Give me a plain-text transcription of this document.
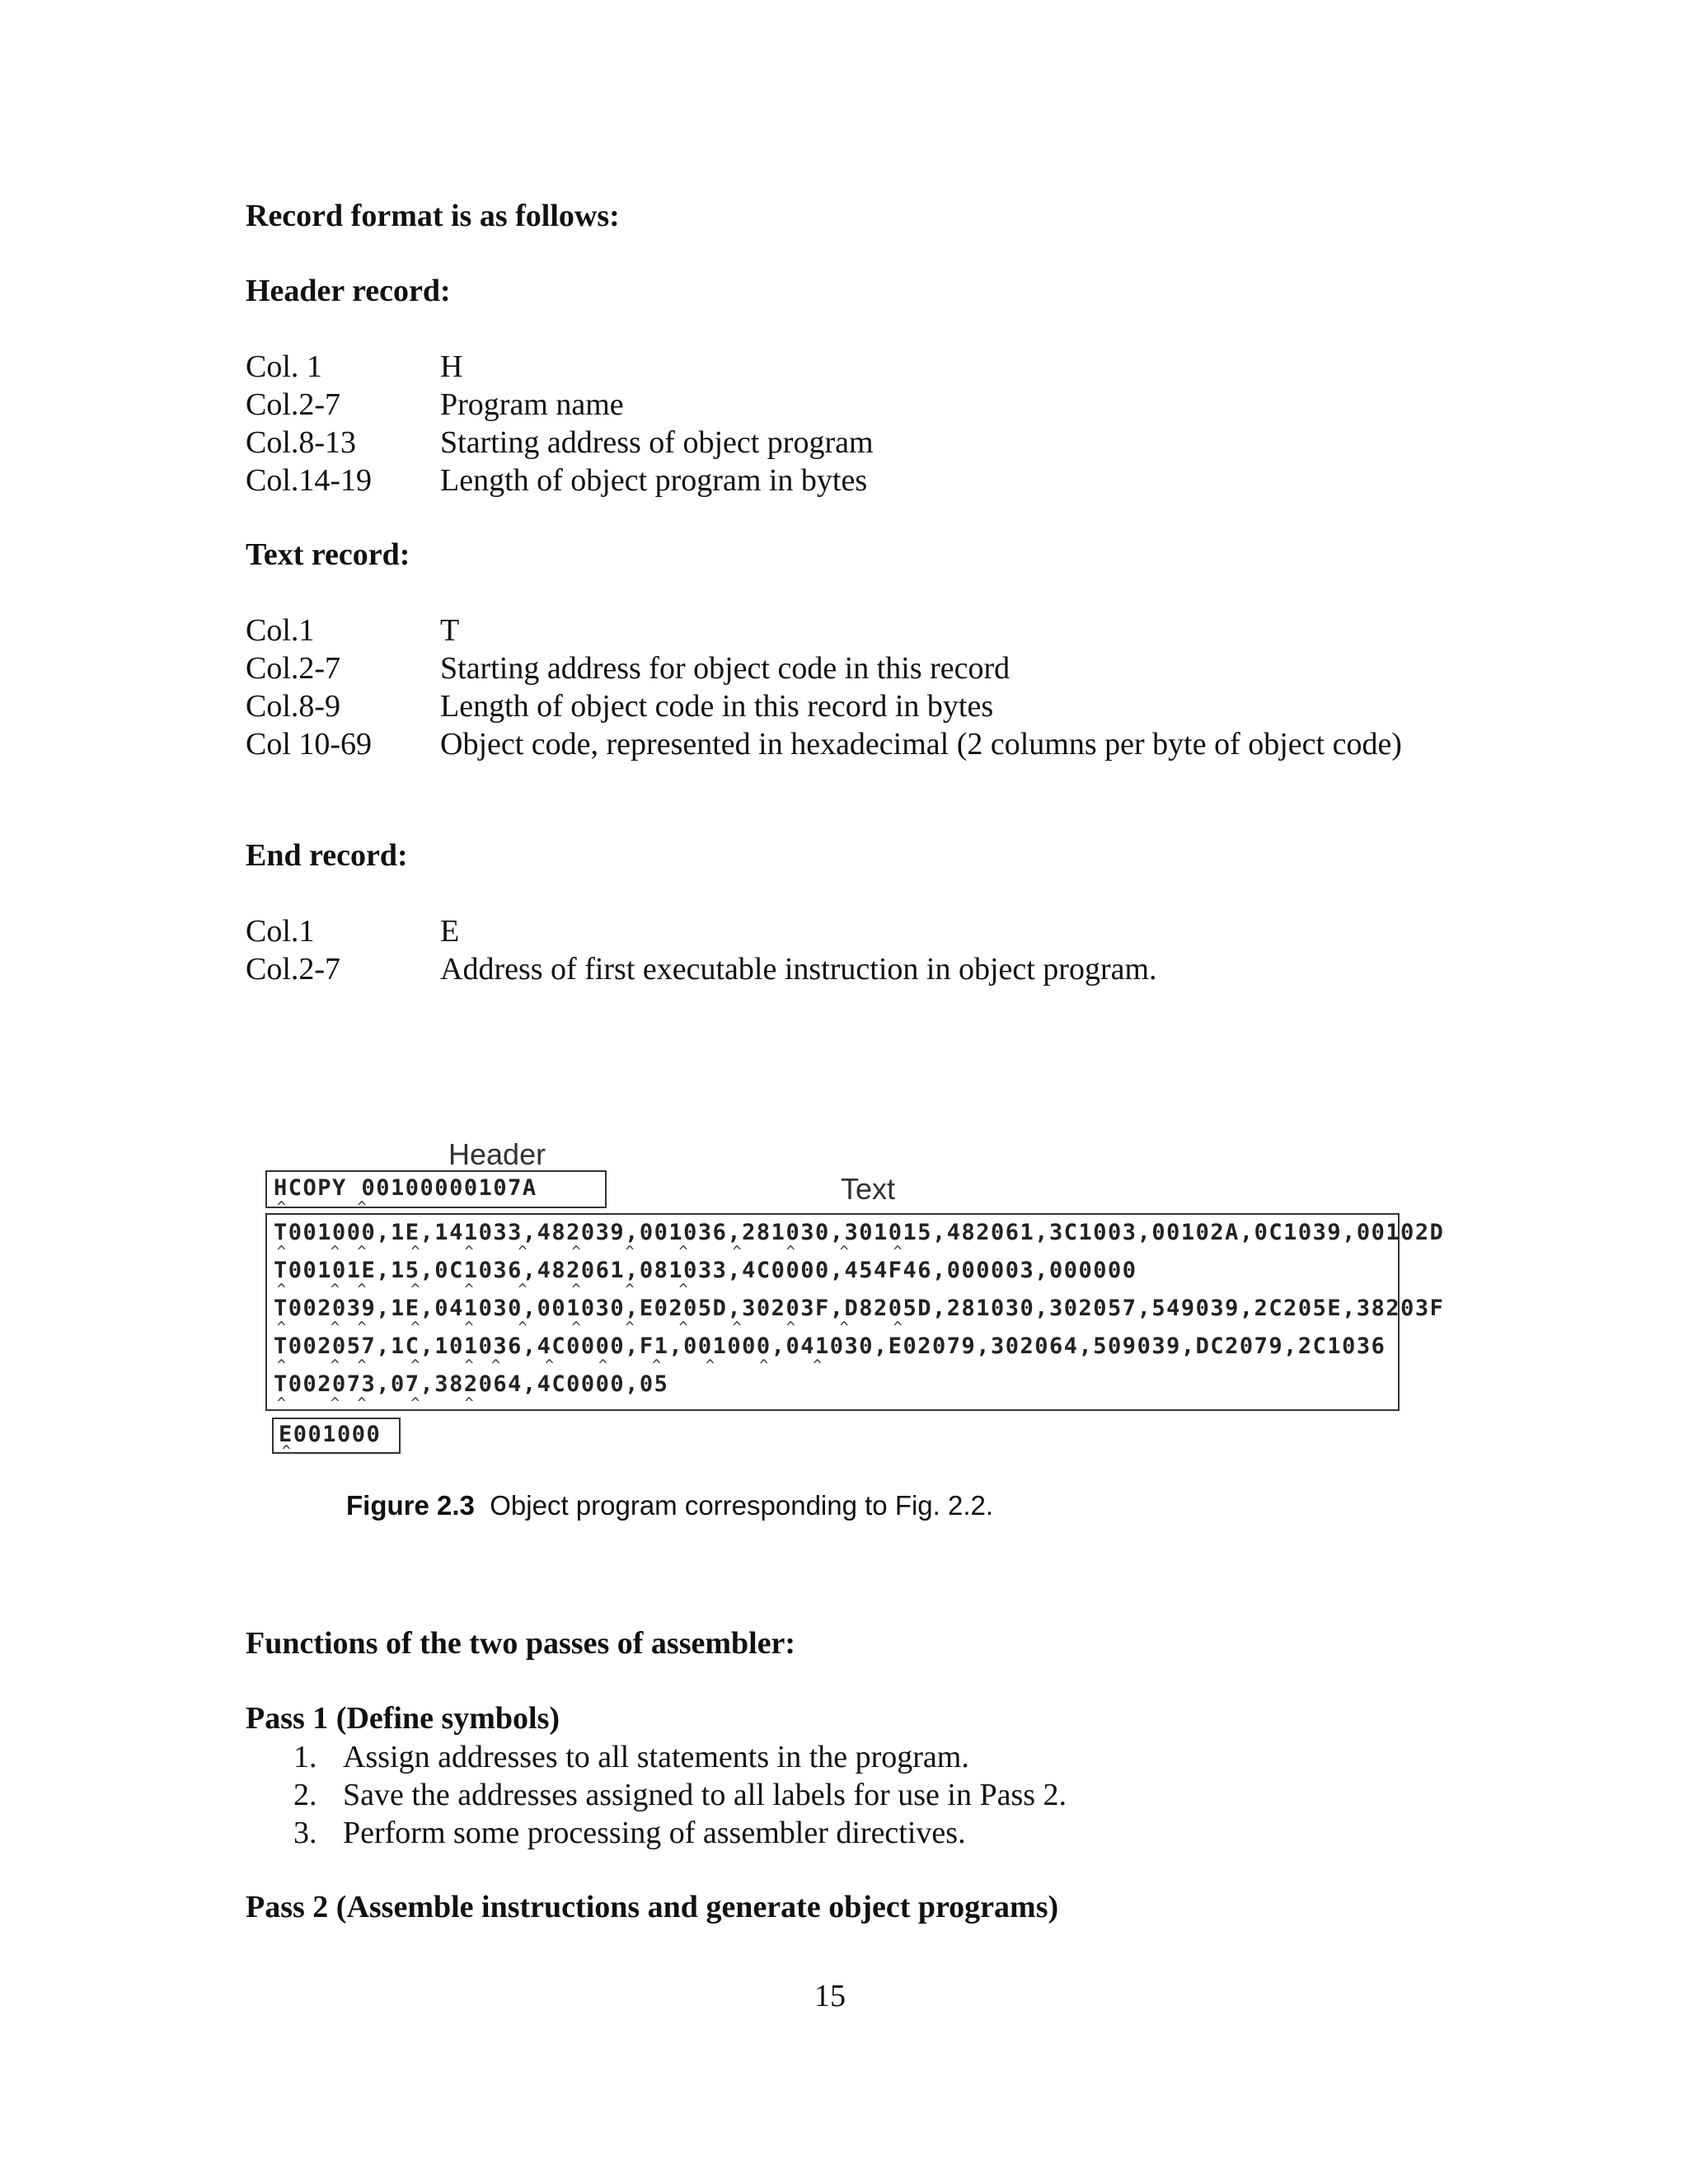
Record format is as follows:
Header record:
Col. 1	H
Col.2-7	Program name
Col.8-13	Starting address of object program
Col.14-19 Length of object program in bytes
Text record:
Col.1	T
Col.2-7	Starting address for object code in this record
Col.8-9	Length of object code in this record in bytes
Col 10-69 Object code, represented in hexadecimal (2 columns per byte of object code)
End record:
Col.1	E
Col.2-7	Address of first executable instruction in object program.
Header
Text
HCOPY 00100000107A
^        ^
T001000,1E,141033,482039,001036,281030,301015,482061,3C1003,00102A,0C1039,00102D
^     ^  ^     ^     ^     ^     ^     ^     ^     ^     ^     ^     ^
T00101E,15,0C1036,482061,081033,4C0000,454F46,000003,000000
^     ^  ^     ^     ^     ^     ^     ^     ^
T002039,1E,041030,001030,E0205D,30203F,D8205D,281030,302057,549039,2C205E,38203F
^     ^  ^     ^     ^     ^     ^     ^     ^     ^     ^     ^     ^
T002057,1C,101036,4C0000,F1,001000,041030,E02079,302064,509039,DC2079,2C1036
^     ^  ^     ^     ^  ^     ^     ^     ^     ^     ^     ^
T002073,07,382064,4C0000,05
^     ^  ^     ^     ^
E001000
^
Figure 2.3 Object program corresponding to Fig. 2.2.
Functions of the two passes of assembler:
Pass 1 (Define symbols)
1. Assign addresses to all statements in the program.
2. Save the addresses assigned to all labels for use in Pass 2.
3. Perform some processing of assembler directives.
Pass 2 (Assemble instructions and generate object programs)
15
